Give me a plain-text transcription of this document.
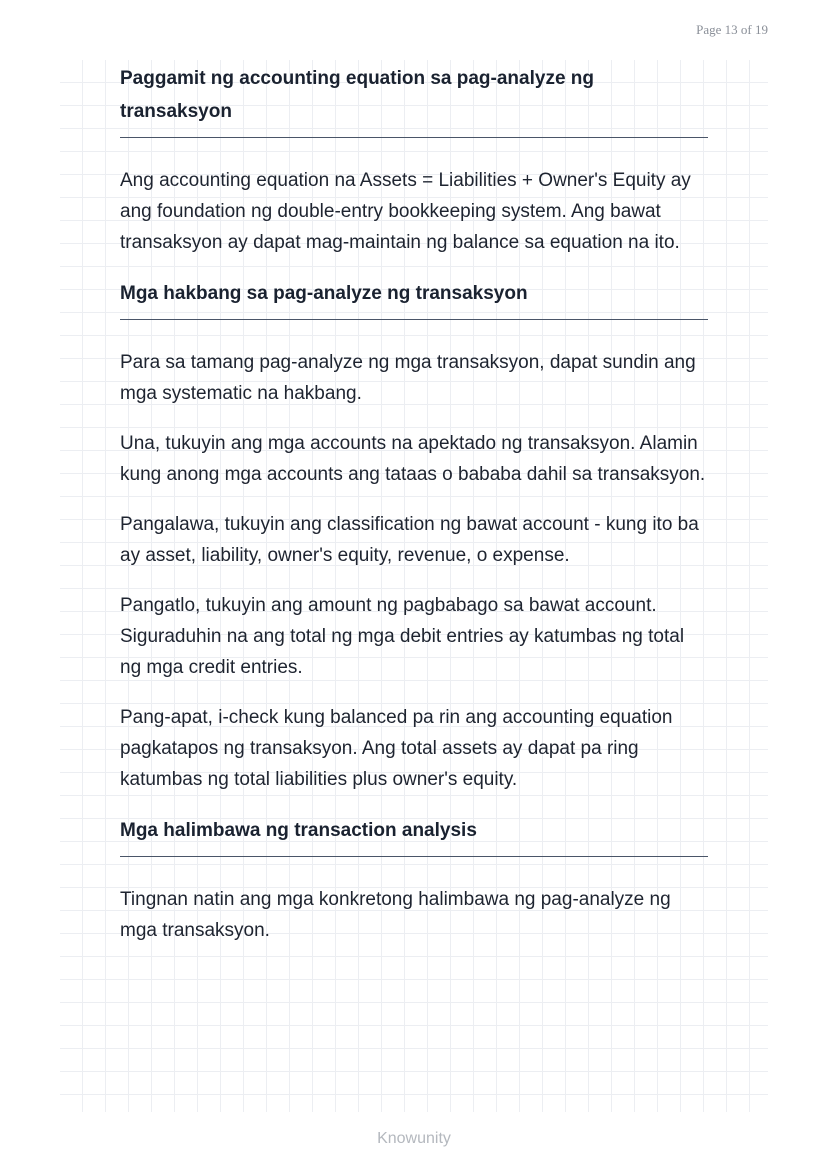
Page 13 of 19
Paggamit ng accounting equation sa pag-analyze ng transaksyon

Ang accounting equation na Assets = Liabilities + Owner's Equity ay ang foundation ng double-entry bookkeeping system. Ang bawat transaksyon ay dapat mag-maintain ng balance sa equation na ito.

Mga hakbang sa pag-analyze ng transaksyon

Para sa tamang pag-analyze ng mga transaksyon, dapat sundin ang mga systematic na hakbang.

Una, tukuyin ang mga accounts na apektado ng transaksyon. Alamin kung anong mga accounts ang tataas o bababa dahil sa transaksyon.

Pangalawa, tukuyin ang classification ng bawat account - kung ito ba ay asset, liability, owner's equity, revenue, o expense.

Pangatlo, tukuyin ang amount ng pagbabago sa bawat account. Siguraduhin na ang total ng mga debit entries ay katumbas ng total ng mga credit entries.

Pang-apat, i-check kung balanced pa rin ang accounting equation pagkatapos ng transaksyon. Ang total assets ay dapat pa ring katumbas ng total liabilities plus owner's equity.

Mga halimbawa ng transaction analysis

Tingnan natin ang mga konkretong halimbawa ng pag-analyze ng mga transaksyon.

Knowunity
